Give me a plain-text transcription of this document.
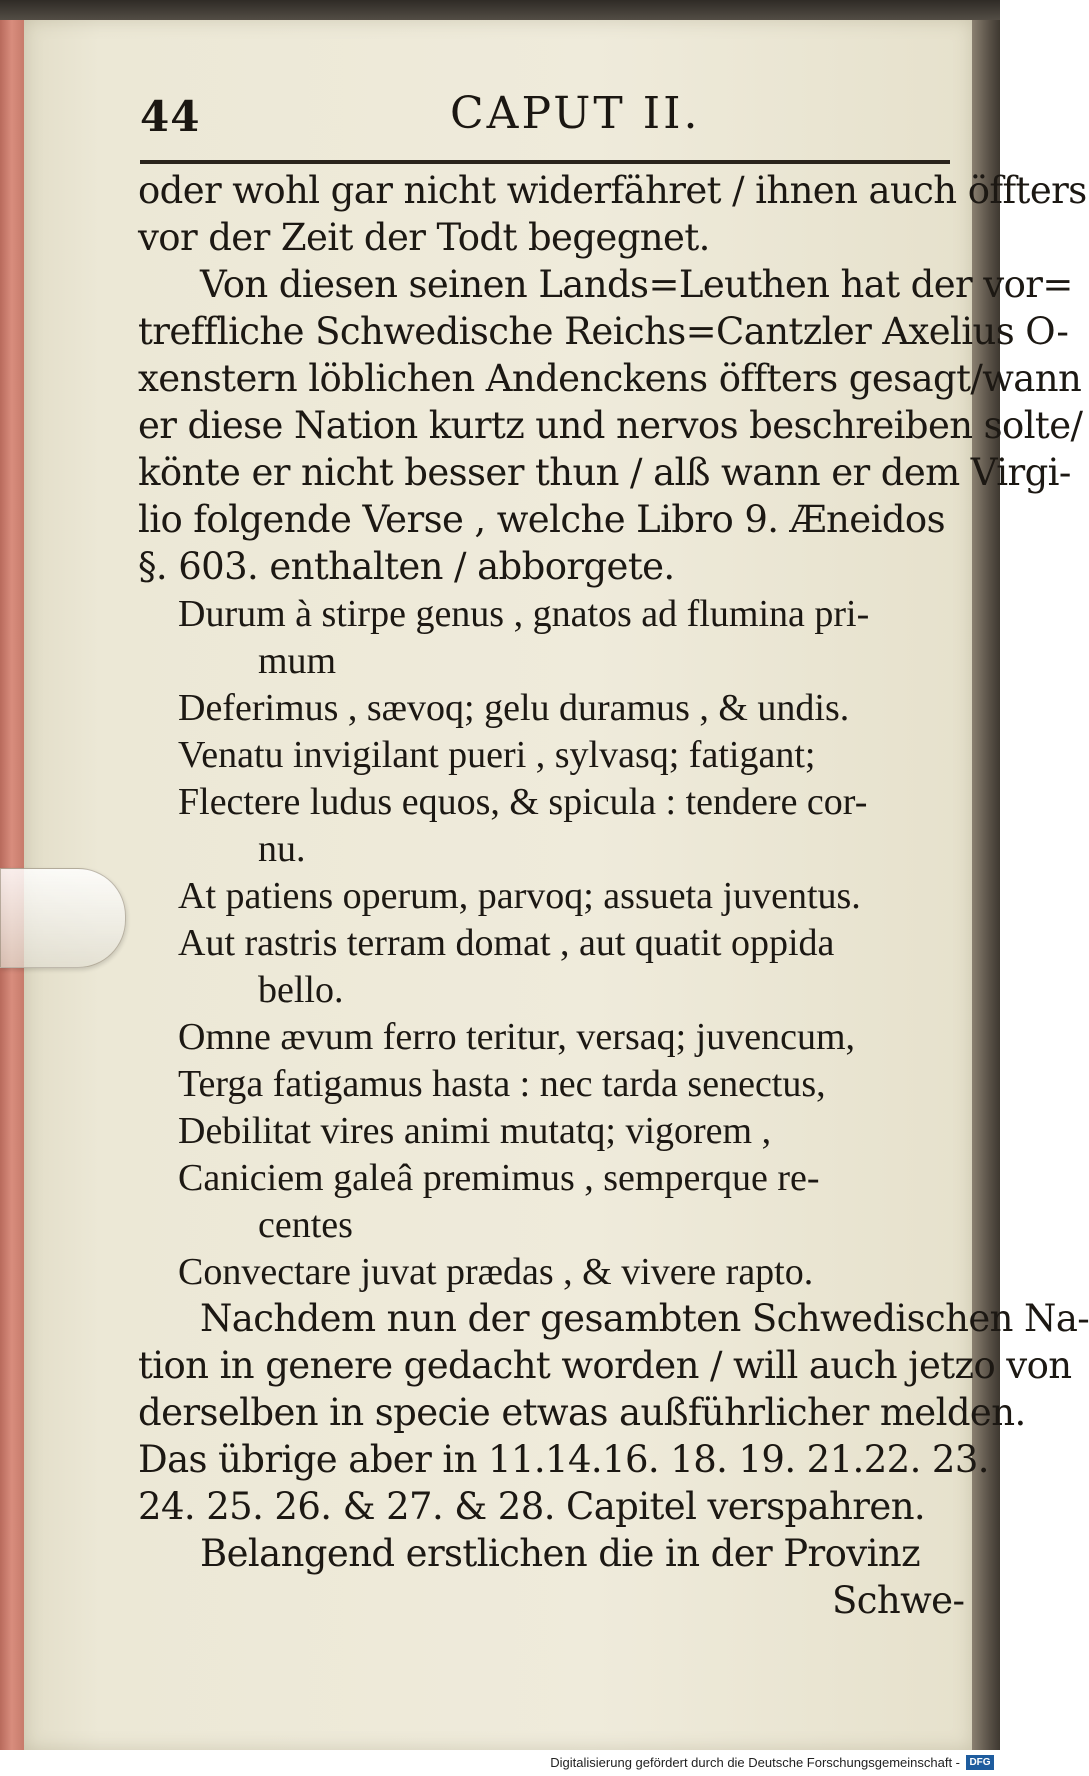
44	CAPUT II.
oder wohl gar nicht widerfähret / ihnen auch öffters
vor der Zeit der Todt begegnet.
Von diesen seinen Lands=Leuthen hat der vor=
treffliche Schwedische Reichs=Cantzler Axelius O-
xenstern löblichen Andenckens öffters gesagt/wann
er diese Nation kurtz und nervos beschreiben solte/
könte er nicht besser thun / alß wann er dem Virgi-
lio folgende Verse , welche Libro 9. Æneidos
§. 603. enthalten / abborgete.
Durum à stirpe genus , gnatos ad flumina pri-
mum
Deferimus , sævoq; gelu duramus , & undis.
Venatu invigilant pueri , sylvasq; fatigant;
Flectere ludus equos, & spicula : tendere cor-
nu.
At patiens operum, parvoq; assueta juventus.
Aut rastris terram domat , aut quatit oppida
bello.
Omne ævum ferro teritur, versaq; juvencum,
Terga fatigamus hasta : nec tarda senectus,
Debilitat vires animi mutatq; vigorem ,
Caniciem galeâ premimus , semperque re-
centes
Convectare juvat prædas , & vivere rapto.
Nachdem nun der gesambten Schwedischen Na-
tion in genere gedacht worden / will auch jetzo von
derselben in specie etwas außführlicher melden.
Das übrige aber in 11.14.16. 18. 19. 21.22. 23.
24. 25. 26. & 27. & 28. Capitel verspahren.
Belangend erstlichen die in der Provinz
Schwe-
Digitalisierung gefördert durch die Deutsche Forschungsgemeinschaft - DFG
